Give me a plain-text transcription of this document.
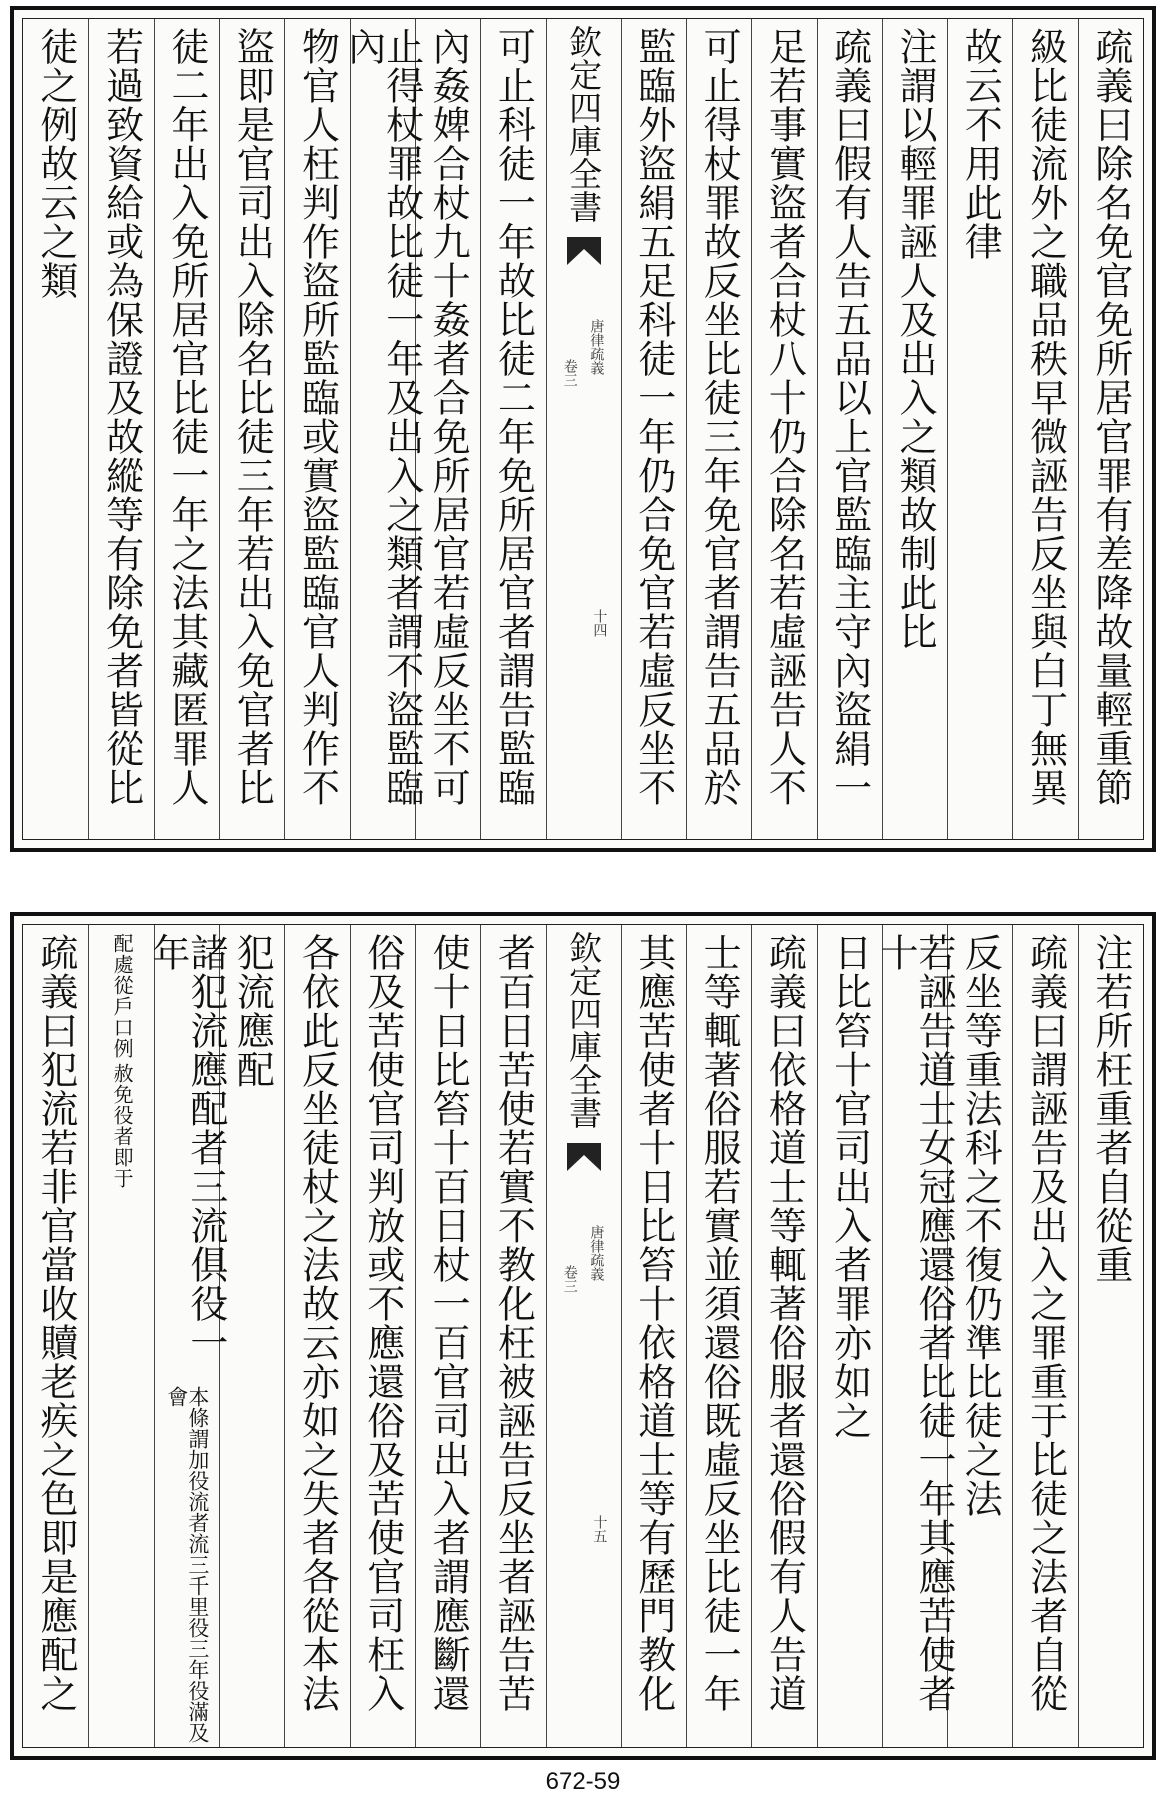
疏義曰除名免官免所居官罪有差降故量輕重節
級比徒流外之職品秩早微誣告反坐與白丁無異
故云不用此律
注謂以輕罪誣人及出入之類故制此比
疏義曰假有人告五品以上官監臨主守內盜絹一
足若事實盜者合杖八十仍合除名若虛誣告人不
可止得杖罪故反坐比徒三年免官者謂告五品於
監臨外盜絹五足科徒一年仍合免官若虛反坐不
欽定四庫全書
唐律疏義
卷三
十四
可止科徒一年故比徒二年免所居官者謂告監臨
內姦婢合杖九十姦者合免所居官若虛反坐不可
止得杖罪故比徒一年及出入之類者謂不盜監臨內
物官人枉判作盜所監臨或實盜監臨官人判作不
盜即是官司出入除名比徒三年若出入免官者比
徒二年出入免所居官比徒一年之法其藏匿罪人
若過致資給或為保證及故縱等有除免者皆從比
徒之例故云之類
注若所枉重者自從重
疏義曰謂誣告及出入之罪重于比徒之法者自從
反坐等重法科之不復仍準比徒之法
若誣告道士女冠應還俗者比徒一年其應苦使者十
日比笞十官司出入者罪亦如之
疏義曰依格道士等輒著俗服者還俗假有人告道
士等輒著俗服若實並須還俗既虛反坐比徒一年
其應苦使者十日比笞十依格道士等有歷門教化
欽定四庫全書
唐律疏義
卷三
十五
者百日苦使若實不教化枉被誣告反坐者誣告苦
使十日比笞十百日杖一百官司出入者謂應斷還
俗及苦使官司判放或不應還俗及苦使官司枉入
各依此反坐徒杖之法故云亦如之失者各從本法
犯流應配
諸犯流應配者三流俱役一年
本條謂加役流者流三千里役三年役滿及會
赦免役者即于
配處從戶口例
疏義曰犯流若非官當收贖老疾之色即是應配之
672-59
